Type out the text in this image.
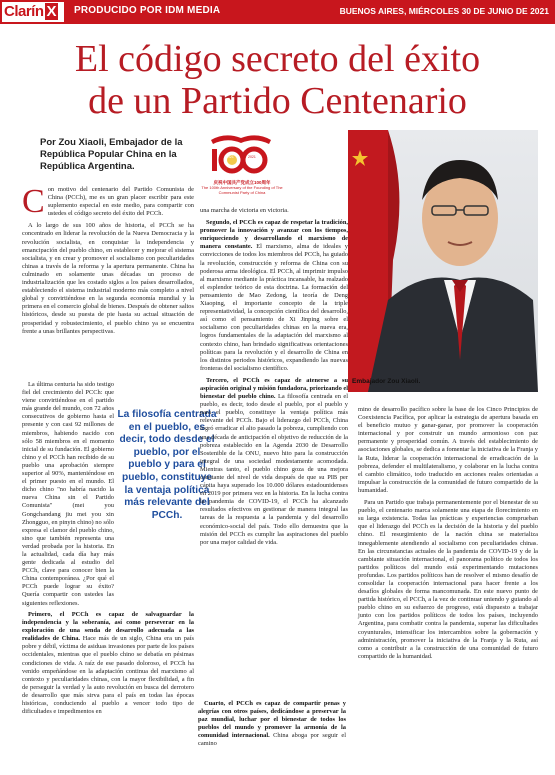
Clarín X	PRODUCIDO POR IDM MEDIA	BUENOS AIRES, MIÉRCOLES 30 DE JUNIO DE 2021
El código secreto del éxito
de un Partido Centenario
Por Zou Xiaoli, Embajador de la República Popular China en la República Argentina.
1921	2021
庆祝中国共产党成立100周年
The 100th Anniversary of the Founding of The Communist Party of China
Embajador Zou Xiaoli.

Con motivo del centenario del Partido Comunista de China (PCCh), me es un gran placer escribir para este suplemento especial en este medio, para compartir con ustedes el código secreto del éxito del PCCh.

A lo largo de sus 100 años de historia, el PCCh se ha concentrado en liderar la revolución de la Nueva Democracia y la revolución socialista, en conquistar la independencia y emancipación del pueblo chino, en establecer y mejorar el sistema socialista, y en crear y promover el socialismo con peculiaridades chinas a través de la reforma y la apertura permanente. China ha culminado en solamente unas décadas un proceso de industrialización que les costado siglos a los países desarrollados, estableciendo el sistema industrial moderno más completo a nivel global y convirtiéndose en la segunda economía mundial y la primera en el comercio global de bienes. Después de obtener saltos históricos, desde su puesta de pie hasta su actual situación de prosperidad y robustecimiento, el pueblo chino ya se encuentra frente a unas brillantes perspectivas.

La última centuria ha sido testigo fiel del crecimiento del PCCh: que viene convirtiéndose en el partido más grande del mundo, con 72 años consecutivos de gobierno hasta el presente y con casi 92 millones de miembros, habiendo nacido con sólo 58 miembros en el momento inicial de su fundación. El gobierno chino y el PCCh han recibido de su pueblo una aprobación siempre superior al 90%, manteniéndose en el primer puesto en el mundo. El dicho chino "no habría nacido la nueva China sin el Partido Comunista" (mei you Gongchandang jiu mei you xin Zhongguo, en pinyin chino) no sólo expresa el clamor del pueblo chino, sino que también representa una verdad probada por la historia. En la actualidad, cada día hay más gente dedicada al estudio del PCCh, clave para conocer bien la China contemporánea. ¿Por qué el PCCh puede lograr su éxito? Quería compartir con ustedes las siguientes reflexiones.

La filosofía centrada en el pueblo, es decir, todo desde el pueblo, por el pueblo y para el pueblo, constituye la ventaja política más relevante del PCCh.

Primero, el PCCh es capaz de salvaguardar la independencia y la soberanía, así como perseverar en la exploración de una senda de desarrollo adecuada a las realidades de China. Hace más de un siglo, China era un país pobre y débil, víctima de asiduas invasiones por parte de los países occidentales, mientras que el pueblo chino se debatía en pésimas condiciones de vida. A raíz de ese pasado doloroso, el PCCh ha venido empeñándose en la adaptación continua del marxismo al contexto y peculiaridades chinas, con la mayor flexibilidad, a fin de perseguir la verdad y la auto revolución en busca del derrotero de desarrollo que más sirva para el país en todas las épocas históricas, conduciendo al pueblo a vencer todo tipo de dificultades e impedimentos en

una marcha de victoria en victoria.

Segundo, el PCCh es capaz de respetar la tradición, promover la innovación y avanzar con los tiempos, enriqueciendo y desarrollando el marxismo de manera constante. El marxismo, alma de ideales y convicciones de todos los miembros del PCCh, ha guiado la revolución, construcción y reforma de China con su poderosa arma ideológica. El PCCh, al imprimir impulso al marxismo mediante la práctica incansable, ha realzado el esplendor teórico de esta doctrina. La formación del pensamiento de Mao Zedong, la teoría de Deng Xiaoping, el importante concepto de la triple representatividad, la concepción científica del desarrollo, así como el pensamiento de Xi Jinping sobre el socialismo con peculiaridades chinas en la nueva era, logros fundamentales de la adaptación del marxismo al contexto chino, han brindado significativas orientaciones políticas para la revolución y el desarrollo de China en los distintos periodos históricos, expandiendo las nuevas fronteras del socialismo científico.

Tercero, el PCCh es capaz de atenerse a su aspiración original y misión fundadora, priorizando el bienestar del pueblo chino. La filosofía centrada en el pueblo, es decir, todo desde el pueblo, por el pueblo y para el pueblo, constituye la ventaja política más relevante del PCCh. Bajo el liderazgo del PCCh, China logró erradicar el alto pasado la pobreza, cumpliendo con una década de anticipación el objetivo de reducción de la pobreza establecido en la Agenda 2030 de Desarrollo Sostenible de la ONU, nuevo hito para la construcción integral de una sociedad modestamente acomodada. Mientras tanto, el pueblo chino goza de una mejora constante del nivel de vida después de que su PIB per cápita haya superado los 10.000 dólares estadounidenses en 2019 por primera vez en la historia. En la lucha contra la pandemia de COVID-19, el PCCh ha alcanzado resultados efectivos en gestionar de manera integral las tareas de la respuesta a la pandemia y del desarrollo económico-social del país. Todo ello demuestra que la misión del PCCh es cumplir las aspiraciones del pueblo por una mejor calidad de vida.

Cuarto, el PCCh es capaz de compartir penas y alegrías con otros países, dedicándose a preservar la paz mundial, luchar por el bienestar de todos los pueblos del mundo y promover la armonía de la comunidad internacional. China aboga por seguir el camino

mino de desarrollo pacífico sobre la base de los Cinco Principios de Coexistencia Pacífica, por aplicar la estrategia de apertura basada en el beneficio mutuo y ganar-ganar, por promover la cooperación internacional y por construir un mundo armonioso con paz permanente y prosperidad común. A través del establecimiento de asociaciones globales, se dedica a fomentar la iniciativa de la Franja y la Ruta, liderar la cooperación internacional de erradicación de la pobreza, defender el multilateralismo, y colaborar en la lucha contra el cambio climático, todo traducido en acciones reales orientadas a impulsar la construcción de la comunidad de futuro compartido de la humanidad.

Para un Partido que trabaja permanentemente por el bienestar de su pueblo, el centenario marca solamente una etapa de florecimiento en su larga existencia. Todas las prácticas y experiencias comprueban que el liderazgo del PCCh es la decisión de la historia y del pueblo chino. El resurgimiento de la nación china se materializa innegablemente atendiendo al socialismo con peculiaridades chinas. En las circunstancias actuales de la pandemia de COVID-19 y de la cambiante situación internacional, el panorama político de todos los partidos políticos del mundo está experimentando mutaciones profundas. Los partidos políticos han de resolver el mismo desafío de consolidar la cooperación internacional para hacer frente a los desafíos globales de forma mancomunada. En este nuevo punto de partida histórico, el PCCh, a la vez de continuar uniendo y guiando al pueblo chino en su esfuerzo de progreso, está dispuesto a trabajar junto con los partidos políticos de todos los países, incluyendo Argentina, para combatir contra la pandemia, superar las dificultades coyunturales, intensificar los intercambios sobre la gobernación y administración, promover la iniciativa de la Franja y la Ruta, así como a contribuir a la construcción de una comunidad de futuro compartido de la humanidad.
